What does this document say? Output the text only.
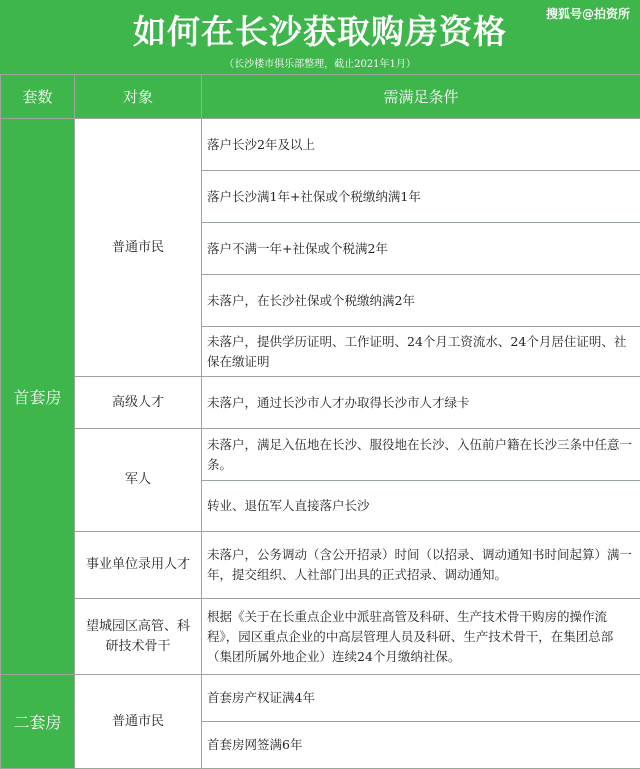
如何在长沙获取购房资格
（长沙楼市俱乐部整理，截止2021年1月）
搜狐号@拍资所
套数	对象	需满足条件
首套房	普通市民	落户长沙2年及以上
		落户长沙满1年+社保或个税缴纳满1年
		落户不满一年+社保或个税满2年
		未落户，在长沙社保或个税缴纳满2年
		未落户，提供学历证明、工作证明、24个月工资流水、24个月居住证明、社保在缴证明
	高级人才	未落户，通过长沙市人才办取得长沙市人才绿卡
	军人	未落户，满足入伍地在长沙、服役地在长沙、入伍前户籍在长沙三条中任意一条。
		转业、退伍军人直接落户长沙
	事业单位录用人才	未落户，公务调动（含公开招录）时间（以招录、调动通知书时间起算）满一年，提交组织、人社部门出具的正式招录、调动通知。
	望城园区高管、科研技术骨干	根据《关于在长重点企业中派驻高管及科研、生产技术骨干购房的操作流程》，园区重点企业的中高层管理人员及科研、生产技术骨干，在集团总部（集团所属外地企业）连续24个月缴纳社保。
二套房	普通市民	首套房产权证满4年
		首套房网签满6年
